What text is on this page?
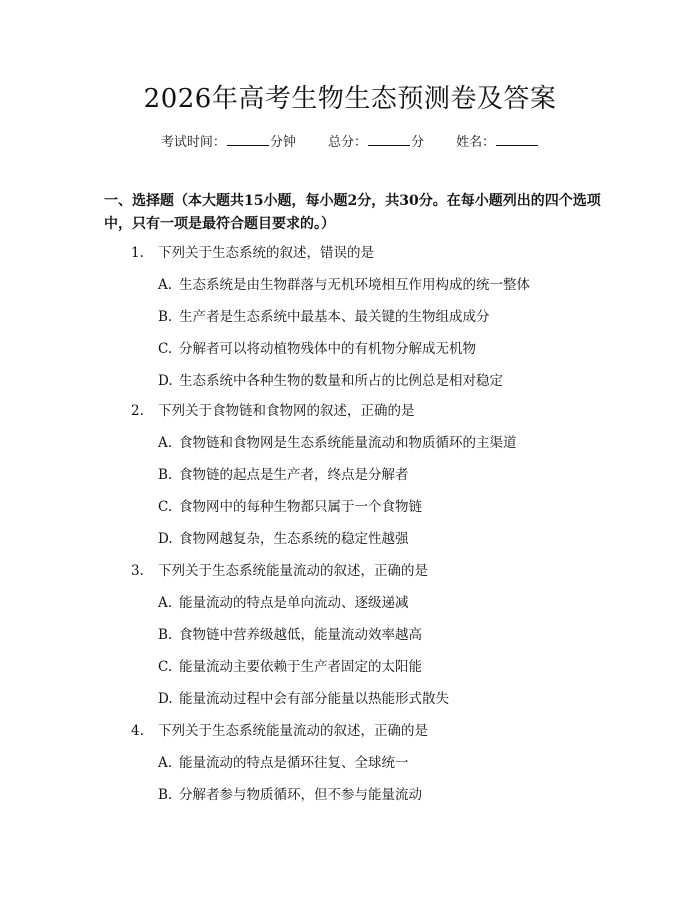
2026年高考生物生态预测卷及答案
考试时间：	分钟 总分：	分 姓名：
一、选择题（本大题共15小题，每小题2分，共30分。在每小题列出的四个选项中，只有一项是最符合题目要求的。）
1. 下列关于生态系统的叙述，错误的是
A. 生态系统是由生物群落与无机环境相互作用构成的统一整体
B. 生产者是生态系统中最基本、最关键的生物组成成分
C. 分解者可以将动植物残体中的有机物分解成无机物
D. 生态系统中各种生物的数量和所占的比例总是相对稳定
2. 下列关于食物链和食物网的叙述，正确的是
A. 食物链和食物网是生态系统能量流动和物质循环的主渠道
B. 食物链的起点是生产者，终点是分解者
C. 食物网中的每种生物都只属于一个食物链
D. 食物网越复杂，生态系统的稳定性越强
3. 下列关于生态系统能量流动的叙述，正确的是
A. 能量流动的特点是单向流动、逐级递减
B. 食物链中营养级越低，能量流动效率越高
C. 能量流动主要依赖于生产者固定的太阳能
D. 能量流动过程中会有部分能量以热能形式散失
4. 下列关于生态系统能量流动的叙述，正确的是
A. 能量流动的特点是循环往复、全球统一
B. 分解者参与物质循环，但不参与能量流动
